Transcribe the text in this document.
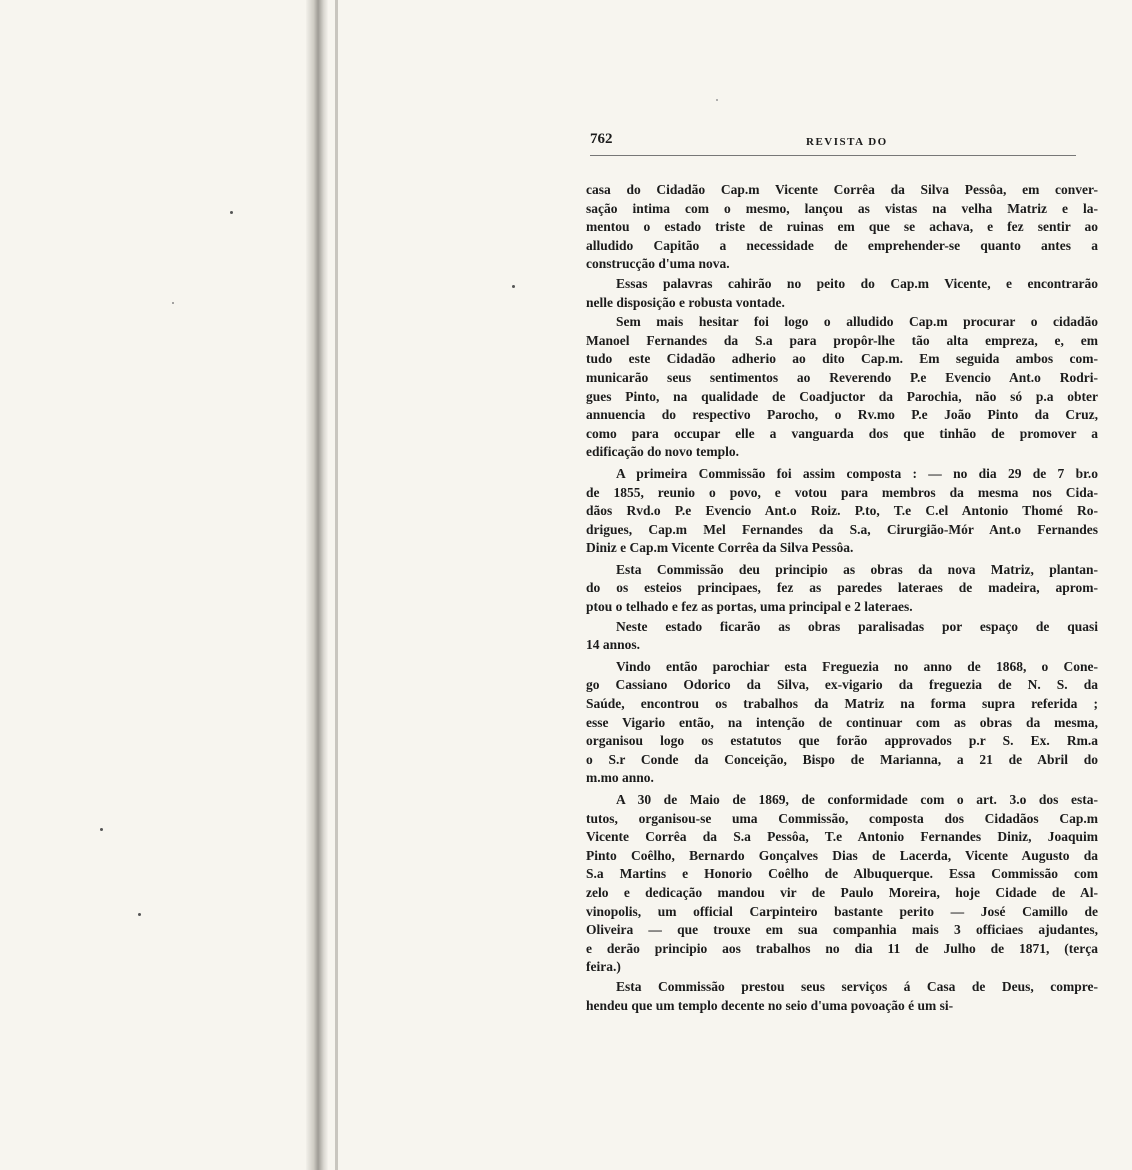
762	REVISTA DO

casa do Cidadão Cap.m Vicente Corrêa da Silva Pessôa, em conver-
sação intima com o mesmo, lançou as vistas na velha Matriz e la-
mentou o estado triste de ruinas em que se achava, e fez sentir ao
alludido Capitão a necessidade de emprehender-se quanto antes a
construcção d'uma nova.

Essas palavras cahirão no peito do Cap.m Vicente, e encontrarão
nelle disposição e robusta vontade.

Sem mais hesitar foi logo o alludido Cap.m procurar o cidadão
Manoel Fernandes da S.a para propôr-lhe tão alta empreza, e, em
tudo este Cidadão adherio ao dito Cap.m. Em seguida ambos com-
municarão seus sentimentos ao Reverendo P.e Evencio Ant.o Rodri-
gues Pinto, na qualidade de Coadjuctor da Parochia, não só p.a obter
annuencia do respectivo Parocho, o Rv.mo P.e João Pinto da Cruz,
como para occupar elle a vanguarda dos que tinhão de promover a
edificação do novo templo.

A primeira Commissão foi assim composta : — no dia 29 de 7 br.o
de 1855, reunio o povo, e votou para membros da mesma nos Cida-
dãos Rvd.o P.e Evencio Ant.o Roiz. P.to, T.e C.el Antonio Thomé Ro-
drigues, Cap.m Mel Fernandes da S.a, Cirurgião-Mór Ant.o Fernandes
Diniz e Cap.m Vicente Corrêa da Silva Pessôa.

Esta Commissão deu principio as obras da nova Matriz, plantan-
do os esteios principaes, fez as paredes lateraes de madeira, aprom-
ptou o telhado e fez as portas, uma principal e 2 lateraes.

Neste estado ficarão as obras paralisadas por espaço de quasi
14 annos.

Vindo então parochiar esta Freguezia no anno de 1868, o Cone-
go Cassiano Odorico da Silva, ex-vigario da freguezia de N. S. da
Saúde, encontrou os trabalhos da Matriz na forma supra referida ;
esse Vigario então, na intenção de continuar com as obras da mesma,
organisou logo os estatutos que forão approvados p.r S. Ex. Rm.a
o S.r Conde da Conceição, Bispo de Marianna, a 21 de Abril do
m.mo anno.

A 30 de Maio de 1869, de conformidade com o art. 3.o dos esta-
tutos, organisou-se uma Commissão, composta dos Cidadãos Cap.m
Vicente Corrêa da S.a Pessôa, T.e Antonio Fernandes Diniz, Joaquim
Pinto Coêlho, Bernardo Gonçalves Dias de Lacerda, Vicente Augusto da
S.a Martins e Honorio Coêlho de Albuquerque. Essa Commissão com
zelo e dedicação mandou vir de Paulo Moreira, hoje Cidade de Al-
vinopolis, um official Carpinteiro bastante perito — José Camillo de
Oliveira — que trouxe em sua companhia mais 3 officiaes ajudantes,
e derão principio aos trabalhos no dia 11 de Julho de 1871, (terça
feira.)

Esta Commissão prestou seus serviços á Casa de Deus, compre-
hendeu que um templo decente no seio d'uma povoação é um si-
